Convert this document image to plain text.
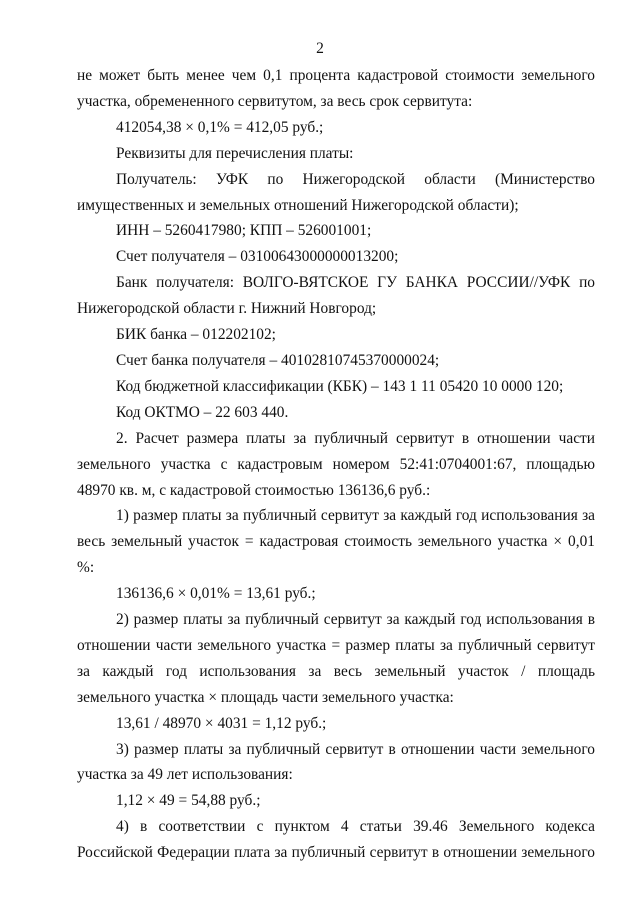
2

не может быть менее чем 0,1 процента кадастровой стоимости земельного участка, обремененного сервитутом, за весь срок сервитута:

412054,38 × 0,1% = 412,05 руб.;

Реквизиты для перечисления платы:

Получатель: УФК по Нижегородской области (Министерство имущественных и земельных отношений Нижегородской области);

ИНН – 5260417980; КПП – 526001001;

Счет получателя – 03100643000000013200;

Банк получателя: ВОЛГО-ВЯТСКОЕ ГУ БАНКА РОССИИ//УФК по Нижегородской области г. Нижний Новгород;

БИК банка – 012202102;

Счет банка получателя – 40102810745370000024;

Код бюджетной классификации (КБК) – 143 1 11 05420 10 0000 120;

Код ОКТМО – 22 603 440.

2. Расчет размера платы за публичный сервитут в отношении части земельного участка с кадастровым номером 52:41:0704001:67, площадью 48970 кв. м, с кадастровой стоимостью 136136,6 руб.:

1) размер платы за публичный сервитут за каждый год использования за весь земельный участок = кадастровая стоимость земельного участка × 0,01 %:

136136,6 × 0,01% = 13,61 руб.;

2) размер платы за публичный сервитут за каждый год использования в отношении части земельного участка = размер платы за публичный сервитут за каждый год использования за весь земельный участок / площадь земельного участка × площадь части земельного участка:

13,61 / 48970 × 4031 = 1,12 руб.;

3) размер платы за публичный сервитут в отношении части земельного участка за 49 лет использования:

1,12 × 49 = 54,88 руб.;

4) в соответствии с пунктом 4 статьи 39.46 Земельного кодекса Российской Федерации плата за публичный сервитут в отношении земельного
